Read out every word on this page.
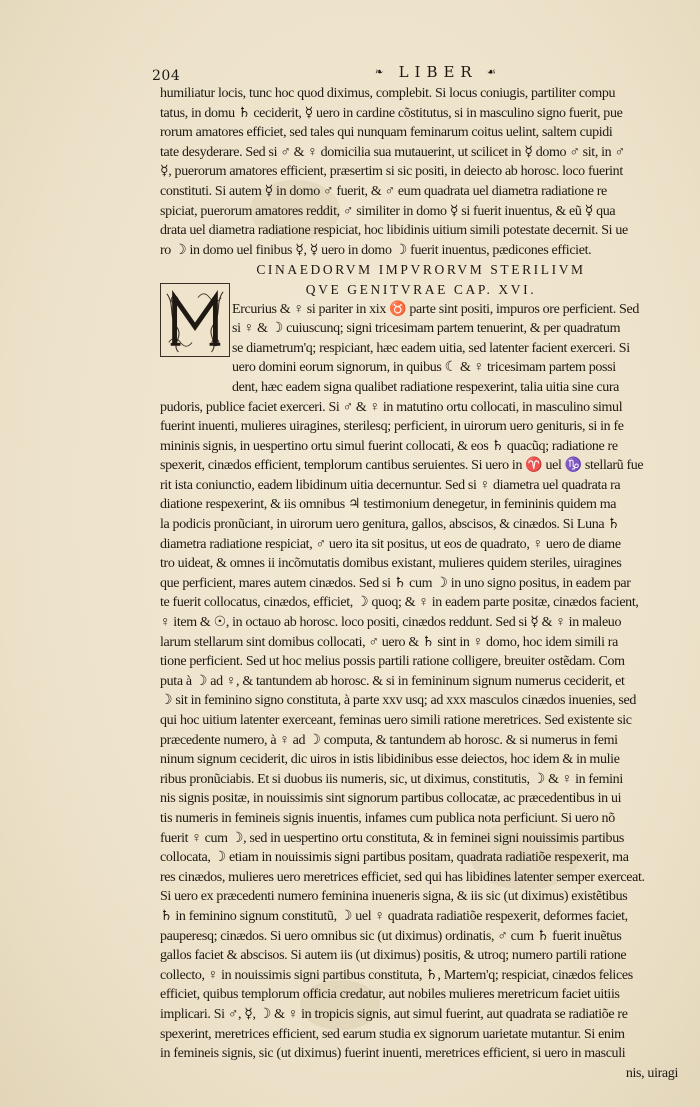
204	❧ LIBER ☙
humiliatur locis, tunc hoc quod diximus, complebit. Si locus coniugis, partiliter compu
tatus, in domu ♄ ceciderit, ☿ uero in cardine cõstitutus, si in masculino signo fuerit, pue
rorum amatores efficiet, sed tales qui nunquam feminarum coitus uelint, saltem cupidi
tate desyderare. Sed si ♂ & ♀ domicilia sua mutauerint, ut scilicet in ☿ domo ♂ sit, in ♂
☿, puerorum amatores efficient, præsertim si sic positi, in deiecto ab horosc. loco fuerint
constituti. Si autem ☿ in domo ♂ fuerit, & ♂ eum quadrata uel diametra radiatione re
spiciat, puerorum amatores reddit, ♂ similiter in domo ☿ si fuerit inuentus, & eũ ☿ qua
drata uel diametra radiatione respiciat, hoc libidinis uitium simili potestate decernit. Si ue
ro ☽ in domo uel finibus ☿, ☿ uero in domo ☽ fuerit inuentus, pædicones efficiet.
CINAEDORVM IMPVRORVM STERILIVM
QVE GENITVRAE CAP. XVI.
Ercurius & ♀ si pariter in xix ♉ parte sint positi, impuros ore perficient. Sed
si ♀ & ☽ cuiuscunq; signi tricesimam partem tenuerint, & per quadratum
se diametrum'q; respiciant, hæc eadem uitia, sed latenter facient exerceri. Si
uero domini eorum signorum, in quibus ☾ & ♀ tricesimam partem possi
dent, hæc eadem signa qualibet radiatione respexerint, talia uitia sine cura
pudoris, publice faciet exerceri. Si ♂ & ♀ in matutino ortu collocati, in masculino simul
fuerint inuenti, mulieres uiragines, sterilesq; perficient, in uirorum uero genituris, si in fe
mininis signis, in uespertino ortu simul fuerint collocati, & eos ♄ quacũq; radiatione re
spexerit, cinædos efficient, templorum cantibus seruientes. Si uero in ♈ uel ♑ stellarũ fue
rit ista coniunctio, eadem libidinum uitia decernuntur. Sed si ♀ diametra uel quadrata ra
diatione respexerint, & iis omnibus ♃ testimonium denegetur, in femininis quidem ma
la podicis pronũciant, in uirorum uero genitura, gallos, abscisos, & cinædos. Si Luna ♄
diametra radiatione respiciat, ♂ uero ita sit positus, ut eos de quadrato, ♀ uero de diame
tro uideat, & omnes ii incõmutatis domibus existant, mulieres quidem steriles, uiragines
que perficient, mares autem cinædos. Sed si ♄ cum ☽ in uno signo positus, in eadem par
te fuerit collocatus, cinædos, efficiet, ☽ quoq; & ♀ in eadem parte positæ, cinædos facient,
♀ item & ☉, in octauo ab horosc. loco positi, cinædos reddunt. Sed si ☿ & ♀ in maleuo
larum stellarum sint domibus collocati, ♂ uero & ♄ sint in ♀ domo, hoc idem simili ra
tione perficient. Sed ut hoc melius possis partili ratione colligere, breuiter ostẽdam. Com
puta à ☽ ad ♀, & tantundem ab horosc. & si in femininum signum numerus ceciderit, et
☽ sit in feminino signo constituta, à parte xxv usq; ad xxx masculos cinædos inuenies, sed
qui hoc uitium latenter exerceant, feminas uero simili ratione meretrices. Sed existente sic
præcedente numero, à ♀ ad ☽ computa, & tantundem ab horosc. & si numerus in femi
ninum signum ceciderit, dic uiros in istis libidinibus esse deiectos, hoc idem & in mulie
ribus pronũciabis. Et si duobus iis numeris, sic, ut diximus, constitutis, ☽ & ♀ in femini
nis signis positæ, in nouissimis sint signorum partibus collocatæ, ac præcedentibus in ui
tis numeris in femineis signis inuentis, infames cum publica nota perficiunt. Si uero nõ
fuerit ♀ cum ☽, sed in uespertino ortu constituta, & in feminei signi nouissimis partibus
collocata, ☽ etiam in nouissimis signi partibus positam, quadrata radiatiõe respexerit, ma
res cinædos, mulieres uero meretrices efficiet, sed qui has libidines latenter semper exerceat.
Si uero ex præcedenti numero feminina inueneris signa, & iis sic (ut diximus) existẽtibus
♄ in feminino signum constitutũ, ☽ uel ♀ quadrata radiatiõe respexerit, deformes faciet,
pauperesq; cinædos. Si uero omnibus sic (ut diximus) ordinatis, ♂ cum ♄ fuerit inuẽtus
gallos faciet & abscisos. Si autem iis (ut diximus) positis, & utroq; numero partili ratione
collecto, ♀ in nouissimis signi partibus constituta, ♄, Martem'q; respiciat, cinædos felices
efficiet, quibus templorum officia credatur, aut nobiles mulieres meretricum faciet uitiis
implicari. Si ♂, ☿, ☽ & ♀ in tropicis signis, aut simul fuerint, aut quadrata se radiatiõe re
spexerint, meretrices efficient, sed earum studia ex signorum uarietate mutantur. Si enim
in femineis signis, sic (ut diximus) fuerint inuenti, meretrices efficient, si uero in masculi
nis, uiragi
